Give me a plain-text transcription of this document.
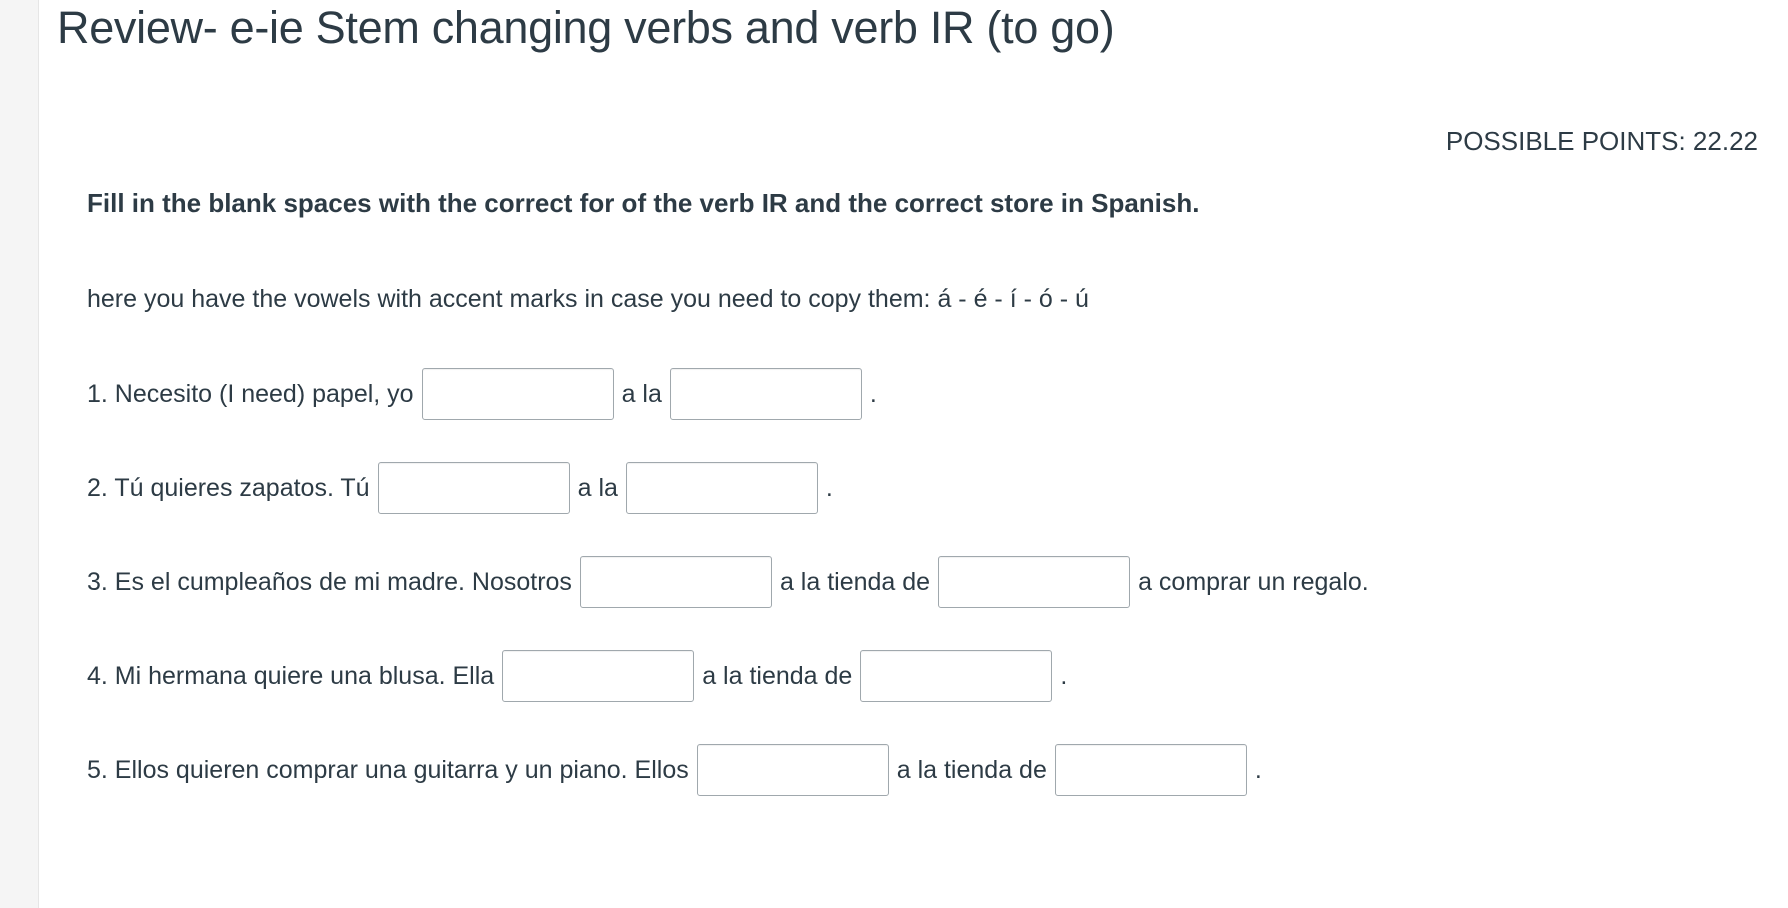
Review- e-ie Stem changing verbs and verb IR (to go)
POSSIBLE POINTS: 22.22
Fill in the blank spaces with the correct for of the verb IR and the correct store in Spanish.
here you have the vowels with accent marks in case you need to copy them: á - é - í - ó - ú
1. Necesito (I need) papel, yo	a la	.
2. Tú quieres zapatos. Tú	a la	.
3. Es el cumpleaños de mi madre. Nosotros	a la tienda de	a comprar un regalo.
4. Mi hermana quiere una blusa. Ella	a la tienda de	.
5. Ellos quieren comprar una guitarra y un piano. Ellos	a la tienda de	.
